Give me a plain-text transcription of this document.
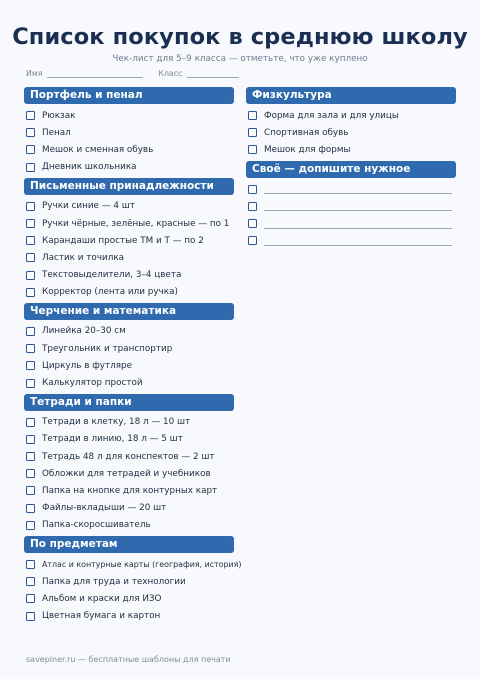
Список покупок в среднюю школу
Чек-лист для 5–9 класса — отметьте, что уже куплено
Имя	Класс
Портфель и пенал
Рюкзак
Пенал
Мешок и сменная обувь
Дневник школьника
Письменные принадлежности
Ручки синие — 4 шт
Ручки чёрные, зелёные, красные — по 1
Карандаши простые ТМ и Т — по 2
Ластик и точилка
Текстовыделители, 3–4 цвета
Корректор (лента или ручка)
Черчение и математика
Линейка 20–30 см
Треугольник и транспортир
Циркуль в футляре
Калькулятор простой
Тетради и папки
Тетради в клетку, 18 л — 10 шт
Тетради в линию, 18 л — 5 шт
Тетрадь 48 л для конспектов — 2 шт
Обложки для тетрадей и учебников
Папка на кнопке для контурных карт
Файлы-вкладыши — 20 шт
Папка-скоросшиватель
По предметам
Атлас и контурные карты (география, история)
Папка для труда и технологии
Альбом и краски для ИЗО
Цветная бумага и картон
Физкультура
Форма для зала и для улицы
Спортивная обувь
Мешок для формы
Своё — допишите нужное
savepiner.ru — бесплатные шаблоны для печати
